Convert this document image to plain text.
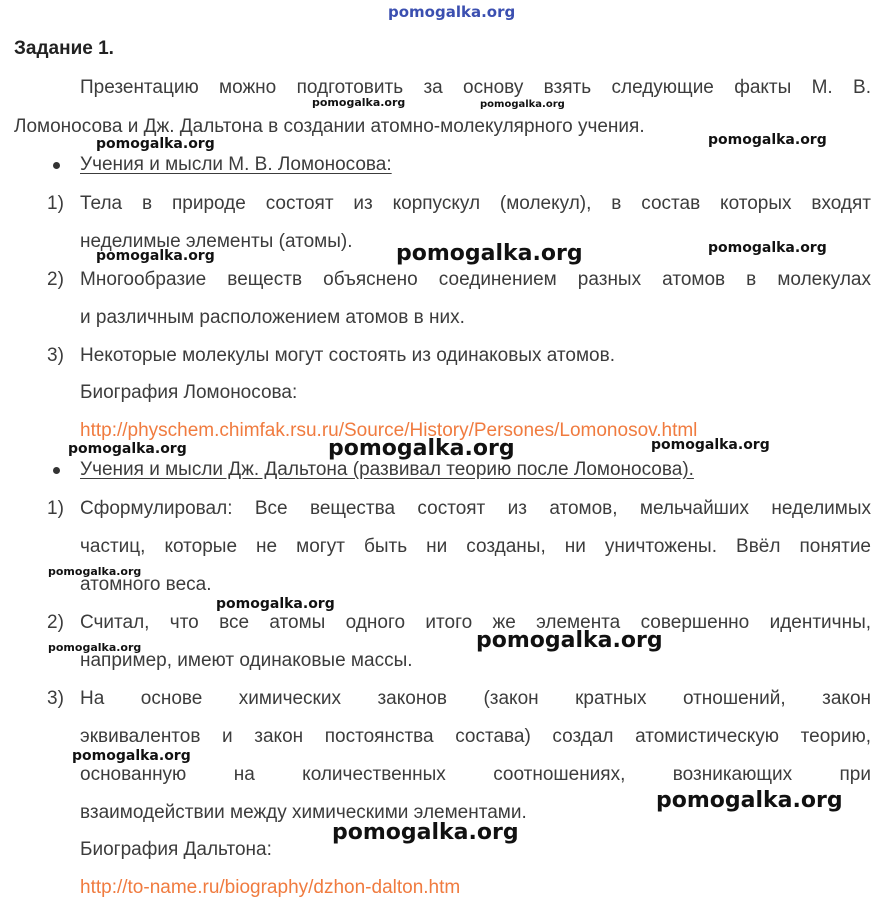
pomogalka.org
Задание 1.
Презентацию можно подготовить за основу взять следующие факты М. В.
Ломоносова и Дж. Дальтона в создании атомно-молекулярного учения.
Учения и мысли М. В. Ломоносова:
1) Тела в природе состоят из корпускул (молекул), в состав которых входят
неделимые элементы (атомы).
2) Многообразие веществ объяснено соединением разных атомов в молекулах
и различным расположением атомов в них.
3) Некоторые молекулы могут состоять из одинаковых атомов.
Биография Ломоносова:
http://physchem.chimfak.rsu.ru/Source/History/Persones/Lomonosov.html
Учения и мысли Дж. Дальтона (развивал теорию после Ломоносова).
1) Сформулировал: Все вещества состоят из атомов, мельчайших неделимых
частиц, которые не могут быть ни созданы, ни уничтожены. Ввёл понятие
атомного веса.
2) Считал, что все атомы одного итого же элемента совершенно идентичны,
например, имеют одинаковые массы.
3) На основе химических законов (закон кратных отношений, закон
эквивалентов и закон постоянства состава) создал атомистическую теорию,
основанную на количественных соотношениях, возникающих при
взаимодействии между химическими элементами.
Биография Дальтона:
http://to-name.ru/biography/dzhon-dalton.htm
pomogalka.org	pomogalka.org
pomogalka.org
pomogalka.org
pomogalka.org
pomogalka.org	pomogalka.org
pomogalka.org	pomogalka.org	pomogalka.org
pomogalka.org
pomogalka.org
pomogalka.org	pomogalka.org
pomogalka.org
pomogalka.org
pomogalka.org
